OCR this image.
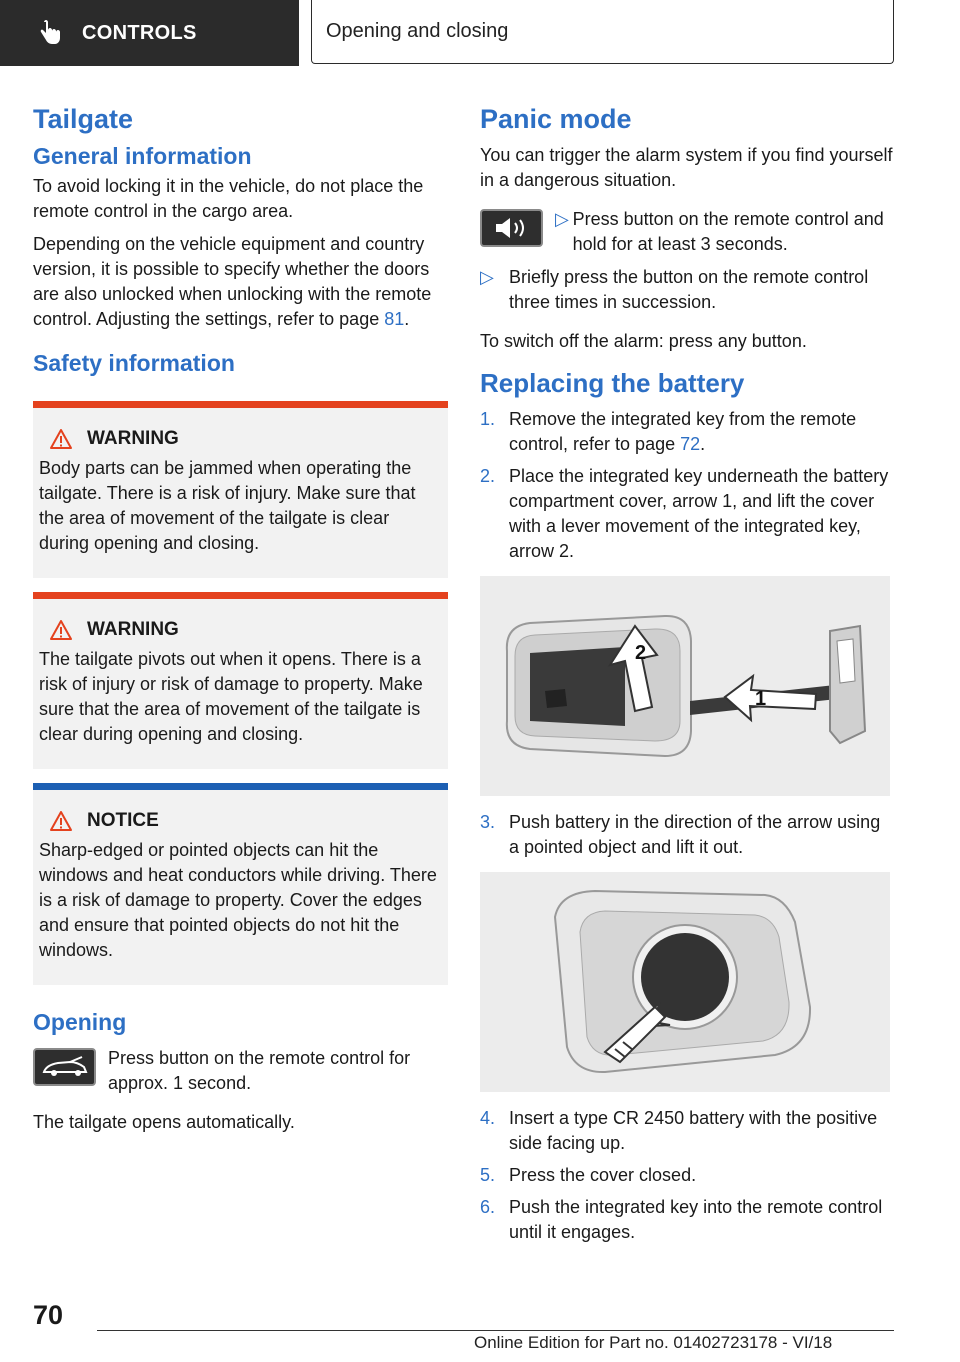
CONTROLS	Opening and closing
Tailgate
General information

To avoid locking it in the vehicle, do not place the remote control in the cargo area.

Depending on the vehicle equipment and country version, it is possible to specify whether the doors are also unlocked when unlocking with the remote control. Adjusting the settings, refer to page 81.

Safety information
WARNING

Body parts can be jammed when operating the tailgate. There is a risk of injury. Make sure that the area of movement of the tailgate is clear during opening and closing.

WARNING

The tailgate pivots out when it opens. There is a risk of injury or risk of damage to property. Make sure that the area of movement of the tailgate is clear during opening and closing.

NOTICE

Sharp-edged or pointed objects can hit the windows and heat conductors while driving. There is a risk of damage to property. Cover the edges and ensure that pointed objects do not hit the windows.

Opening

Press button on the remote control for approx. 1 second.

The tailgate opens automatically.

Panic mode

You can trigger the alarm system if you find yourself in a dangerous situation.

▷ Press button on the remote control and hold for at least 3 seconds.

▷ Briefly press the button on the remote control three times in succession.

To switch off the alarm: press any button.

Replacing the battery
1. Remove the integrated key from the remote control, refer to page 72.
2. Place the integrated key underneath the battery compartment cover, arrow 1, and lift the cover with a lever movement of the integrated key, arrow 2.
2
1
3. Push battery in the direction of the arrow using a pointed object and lift it out.
4. Insert a type CR 2450 battery with the positive side facing up.
5. Press the cover closed.
6. Push the integrated key into the remote control until it engages.
70
Online Edition for Part no. 01402723178 - VI/18
